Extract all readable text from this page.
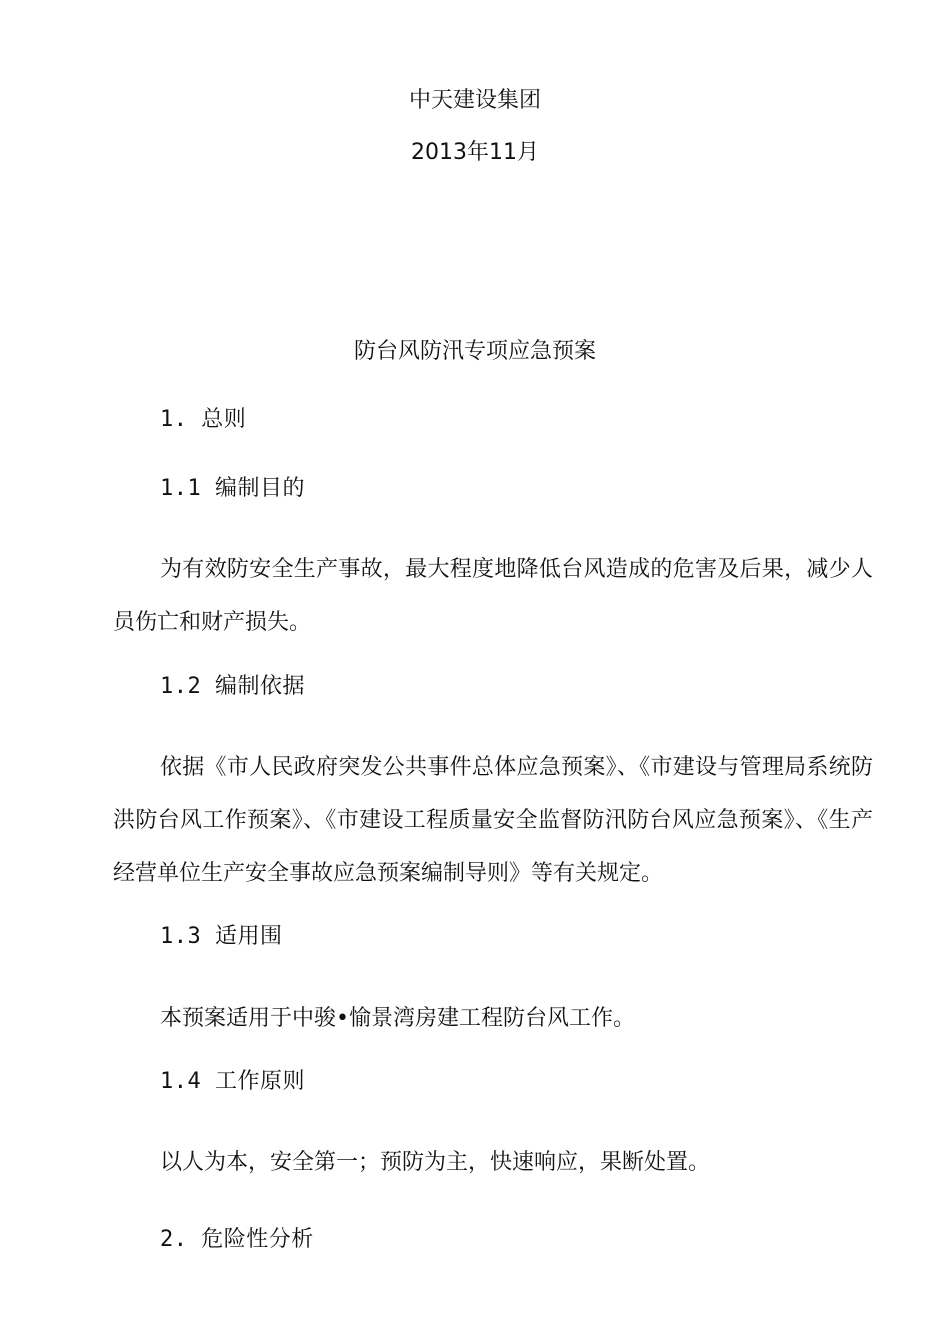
中天建设集团
2013年11月
防台风防汛专项应急预案
1. 总则
1.1 编制目的
为有效防安全生产事故，最大程度地降低台风造成的危害及后果，减少人员伤亡和财产损失。
1.2 编制依据
依据《市人民政府突发公共事件总体应急预案》、《市建设与管理局系统防洪防台风工作预案》、《市建设工程质量安全监督防汛防台风应急预案》、《生产经营单位生产安全事故应急预案编制导则》等有关规定。
1.3 适用围
本预案适用于中骏•愉景湾房建工程防台风工作。
1.4 工作原则
以人为本，安全第一；预防为主，快速响应，果断处置。
2. 危险性分析
